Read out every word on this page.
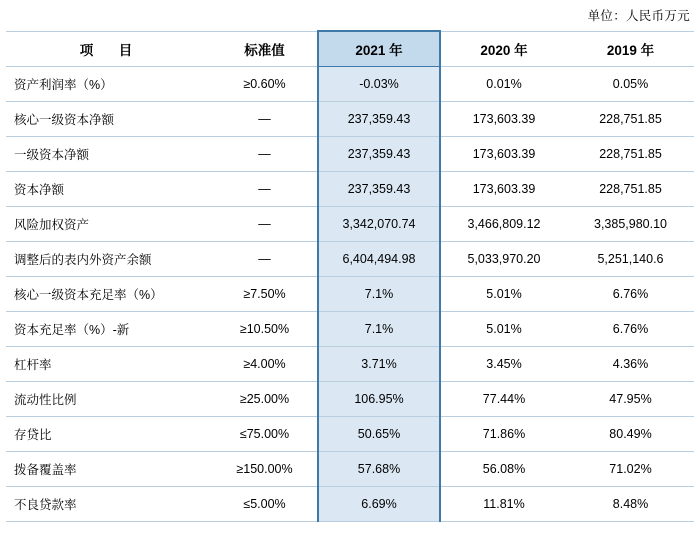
单位：人民币万元
项　目	标准值	2021 年	2020 年	2019 年
资产利润率（%）	≥0.60%	-0.03%	0.01%	0.05%
核心一级资本净额	—	237,359.43	173,603.39	228,751.85
一级资本净额	—	237,359.43	173,603.39	228,751.85
资本净额	—	237,359.43	173,603.39	228,751.85
风险加权资产	—	3,342,070.74	3,466,809.12	3,385,980.10
调整后的表内外资产余额	—	6,404,494.98	5,033,970.20	5,251,140.6
核心一级资本充足率（%）	≥7.50%	7.1%	5.01%	6.76%
资本充足率（%）-新	≥10.50%	7.1%	5.01%	6.76%
杠杆率	≥4.00%	3.71%	3.45%	4.36%
流动性比例	≥25.00%	106.95%	77.44%	47.95%
存贷比	≤75.00%	50.65%	71.86%	80.49%
拨备覆盖率	≥150.00%	57.68%	56.08%	71.02%
不良贷款率	≤5.00%	6.69%	11.81%	8.48%
